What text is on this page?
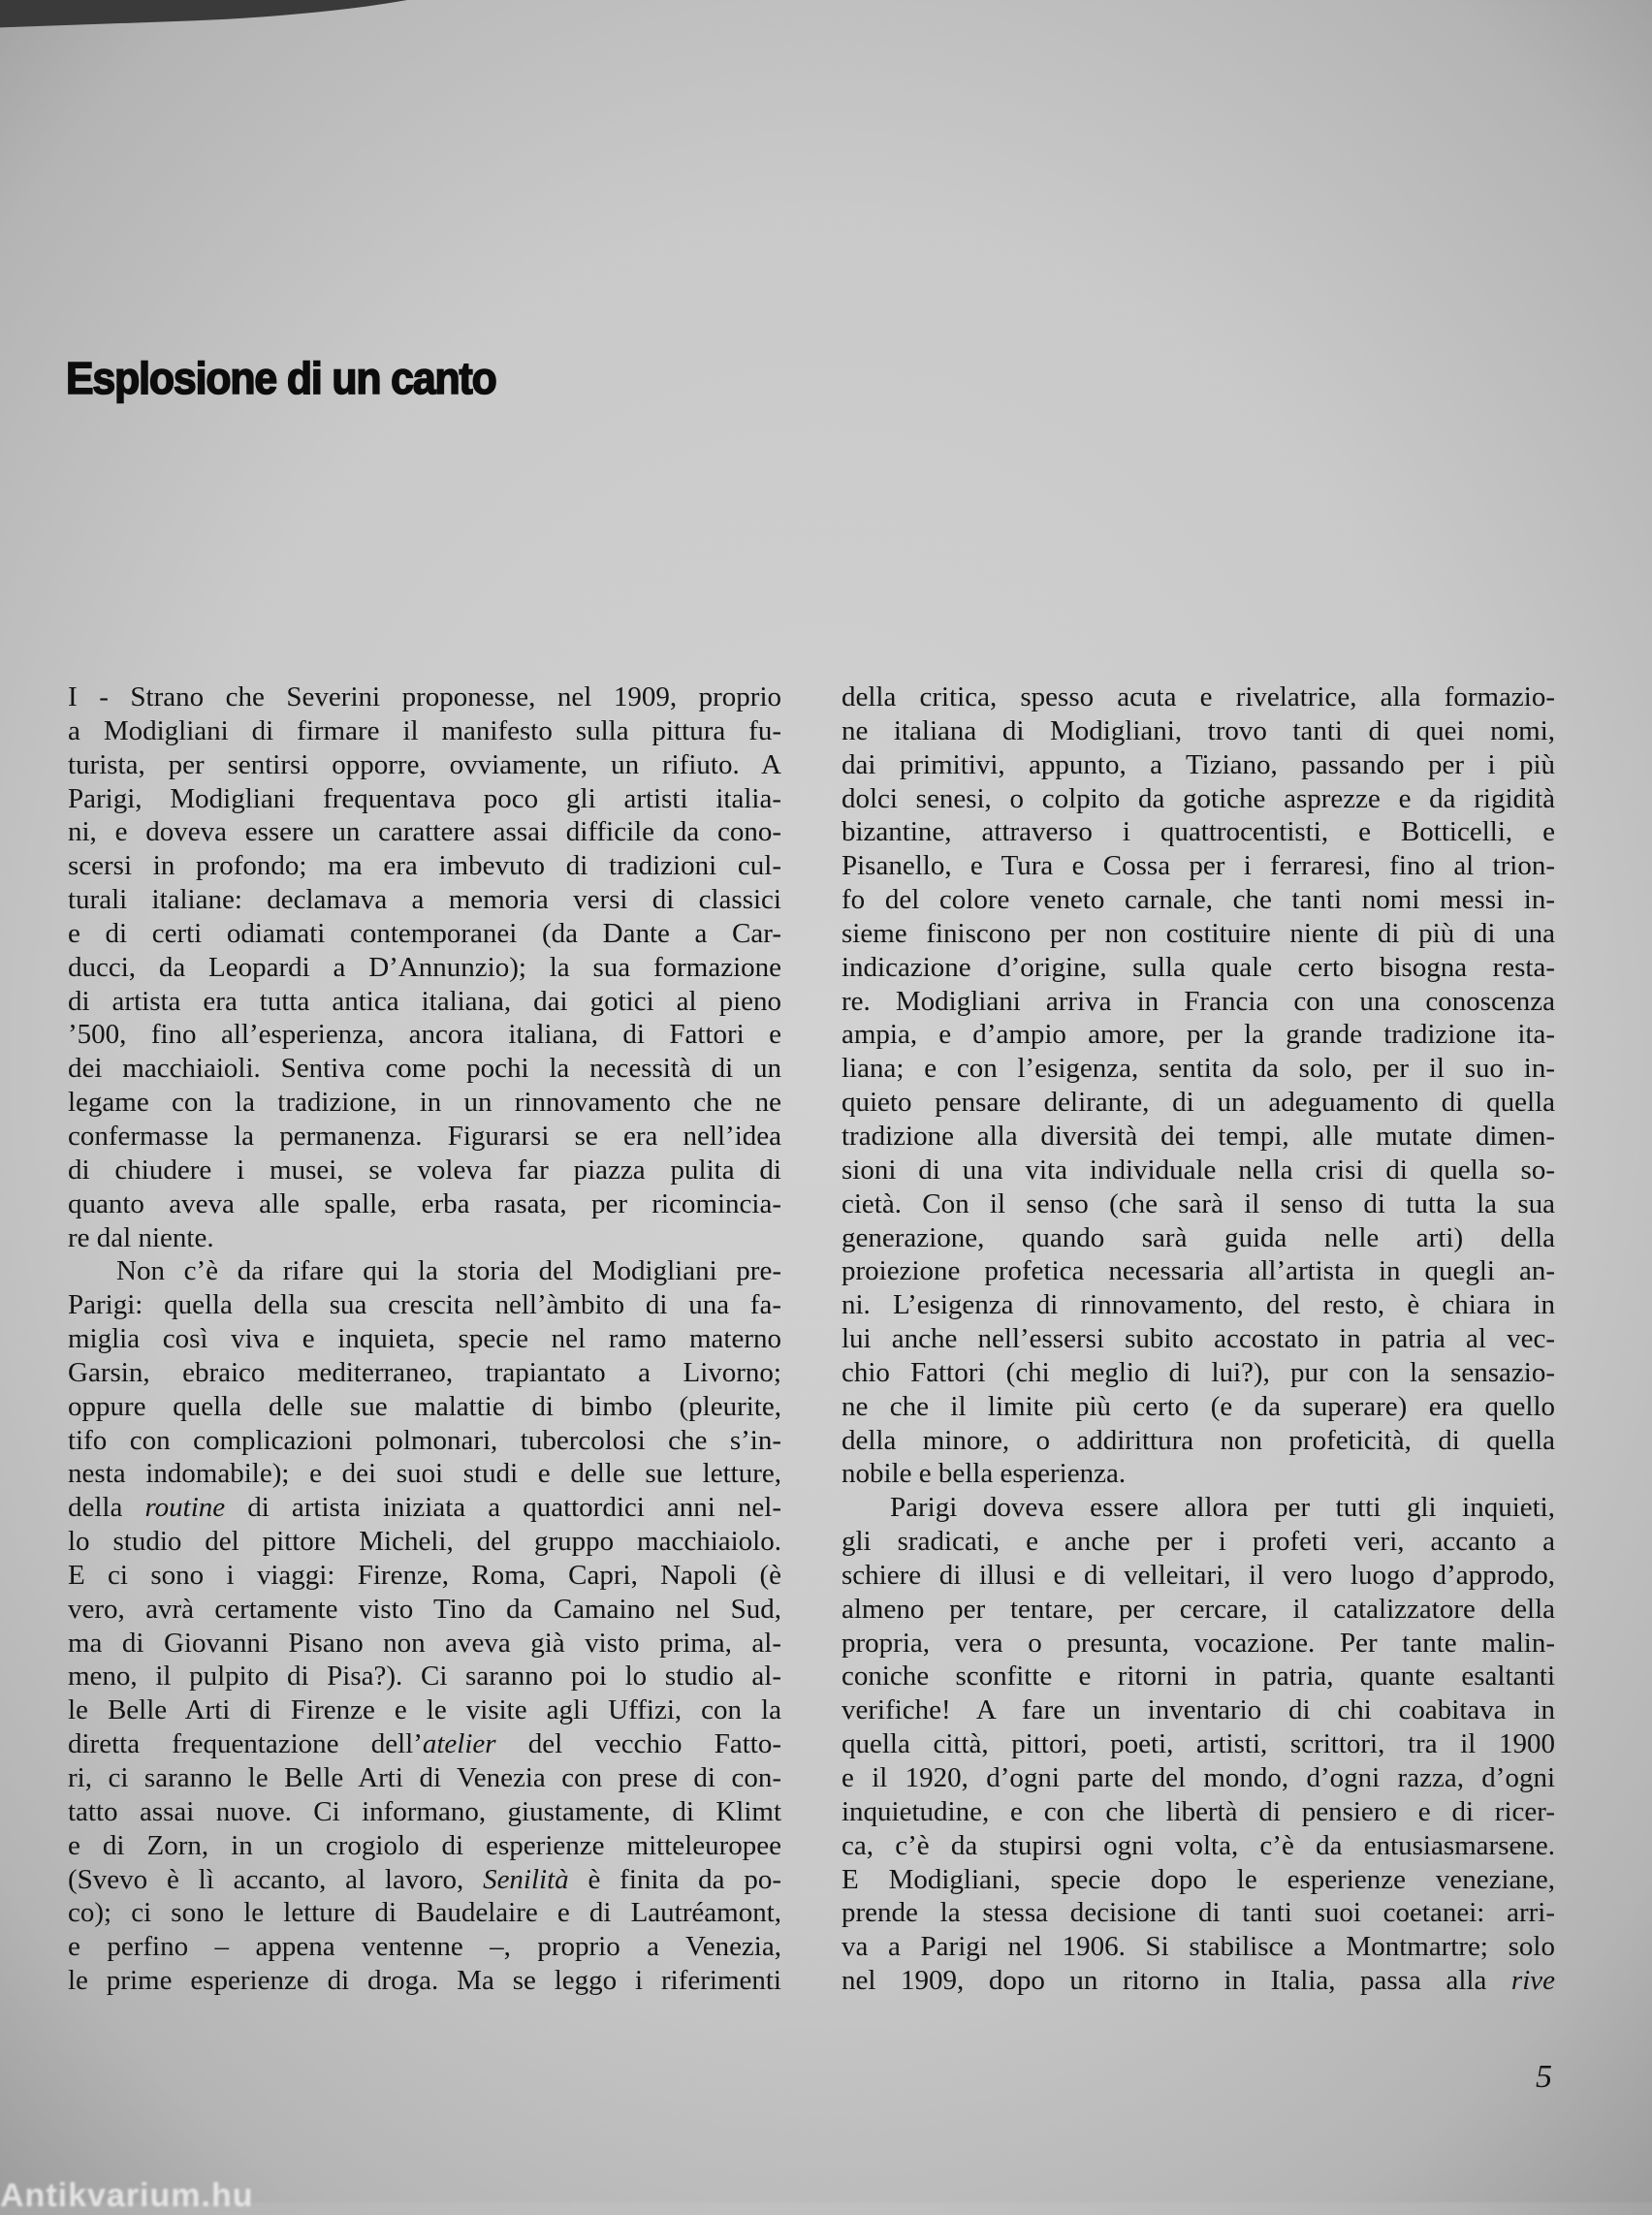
Esplosione di un canto
I - Strano che Severini proponesse, nel 1909, proprio
a Modigliani di firmare il manifesto sulla pittura fu-
turista, per sentirsi opporre, ovviamente, un rifiuto. A
Parigi, Modigliani frequentava poco gli artisti italia-
ni, e doveva essere un carattere assai difficile da cono-
scersi in profondo; ma era imbevuto di tradizioni cul-
turali italiane: declamava a memoria versi di classici
e di certi odiamati contemporanei (da Dante a Car-
ducci, da Leopardi a D’Annunzio); la sua formazione
di artista era tutta antica italiana, dai gotici al pieno
’500, fino all’esperienza, ancora italiana, di Fattori e
dei macchiaioli. Sentiva come pochi la necessità di un
legame con la tradizione, in un rinnovamento che ne
confermasse la permanenza. Figurarsi se era nell’idea
di chiudere i musei, se voleva far piazza pulita di
quanto aveva alle spalle, erba rasata, per ricomincia-
re dal niente.
Non c’è da rifare qui la storia del Modigliani pre-
Parigi: quella della sua crescita nell’àmbito di una fa-
miglia così viva e inquieta, specie nel ramo materno
Garsin, ebraico mediterraneo, trapiantato a Livorno;
oppure quella delle sue malattie di bimbo (pleurite,
tifo con complicazioni polmonari, tubercolosi che s’in-
nesta indomabile); e dei suoi studi e delle sue letture,
della routine di artista iniziata a quattordici anni nel-
lo studio del pittore Micheli, del gruppo macchiaiolo.
E ci sono i viaggi: Firenze, Roma, Capri, Napoli (è
vero, avrà certamente visto Tino da Camaino nel Sud,
ma di Giovanni Pisano non aveva già visto prima, al-
meno, il pulpito di Pisa?). Ci saranno poi lo studio al-
le Belle Arti di Firenze e le visite agli Uffizi, con la
diretta frequentazione dell’atelier del vecchio Fatto-
ri, ci saranno le Belle Arti di Venezia con prese di con-
tatto assai nuove. Ci informano, giustamente, di Klimt
e di Zorn, in un crogiolo di esperienze mitteleuropee
(Svevo è lì accanto, al lavoro, Senilità è finita da po-
co); ci sono le letture di Baudelaire e di Lautréamont,
e perfino – appena ventenne –, proprio a Venezia,
le prime esperienze di droga. Ma se leggo i riferimenti
della critica, spesso acuta e rivelatrice, alla formazio-
ne italiana di Modigliani, trovo tanti di quei nomi,
dai primitivi, appunto, a Tiziano, passando per i più
dolci senesi, o colpito da gotiche asprezze e da rigidità
bizantine, attraverso i quattrocentisti, e Botticelli, e
Pisanello, e Tura e Cossa per i ferraresi, fino al trion-
fo del colore veneto carnale, che tanti nomi messi in-
sieme finiscono per non costituire niente di più di una
indicazione d’origine, sulla quale certo bisogna resta-
re. Modigliani arriva in Francia con una conoscenza
ampia, e d’ampio amore, per la grande tradizione ita-
liana; e con l’esigenza, sentita da solo, per il suo in-
quieto pensare delirante, di un adeguamento di quella
tradizione alla diversità dei tempi, alle mutate dimen-
sioni di una vita individuale nella crisi di quella so-
cietà. Con il senso (che sarà il senso di tutta la sua
generazione, quando sarà guida nelle arti) della
proiezione profetica necessaria all’artista in quegli an-
ni. L’esigenza di rinnovamento, del resto, è chiara in
lui anche nell’essersi subito accostato in patria al vec-
chio Fattori (chi meglio di lui?), pur con la sensazio-
ne che il limite più certo (e da superare) era quello
della minore, o addirittura non profeticità, di quella
nobile e bella esperienza.
Parigi doveva essere allora per tutti gli inquieti,
gli sradicati, e anche per i profeti veri, accanto a
schiere di illusi e di velleitari, il vero luogo d’approdo,
almeno per tentare, per cercare, il catalizzatore della
propria, vera o presunta, vocazione. Per tante malin-
coniche sconfitte e ritorni in patria, quante esaltanti
verifiche! A fare un inventario di chi coabitava in
quella città, pittori, poeti, artisti, scrittori, tra il 1900
e il 1920, d’ogni parte del mondo, d’ogni razza, d’ogni
inquietudine, e con che libertà di pensiero e di ricer-
ca, c’è da stupirsi ogni volta, c’è da entusiasmarsene.
E Modigliani, specie dopo le esperienze veneziane,
prende la stessa decisione di tanti suoi coetanei: arri-
va a Parigi nel 1906. Si stabilisce a Montmartre; solo
nel 1909, dopo un ritorno in Italia, passa alla rive
5
Antikvarium.hu
